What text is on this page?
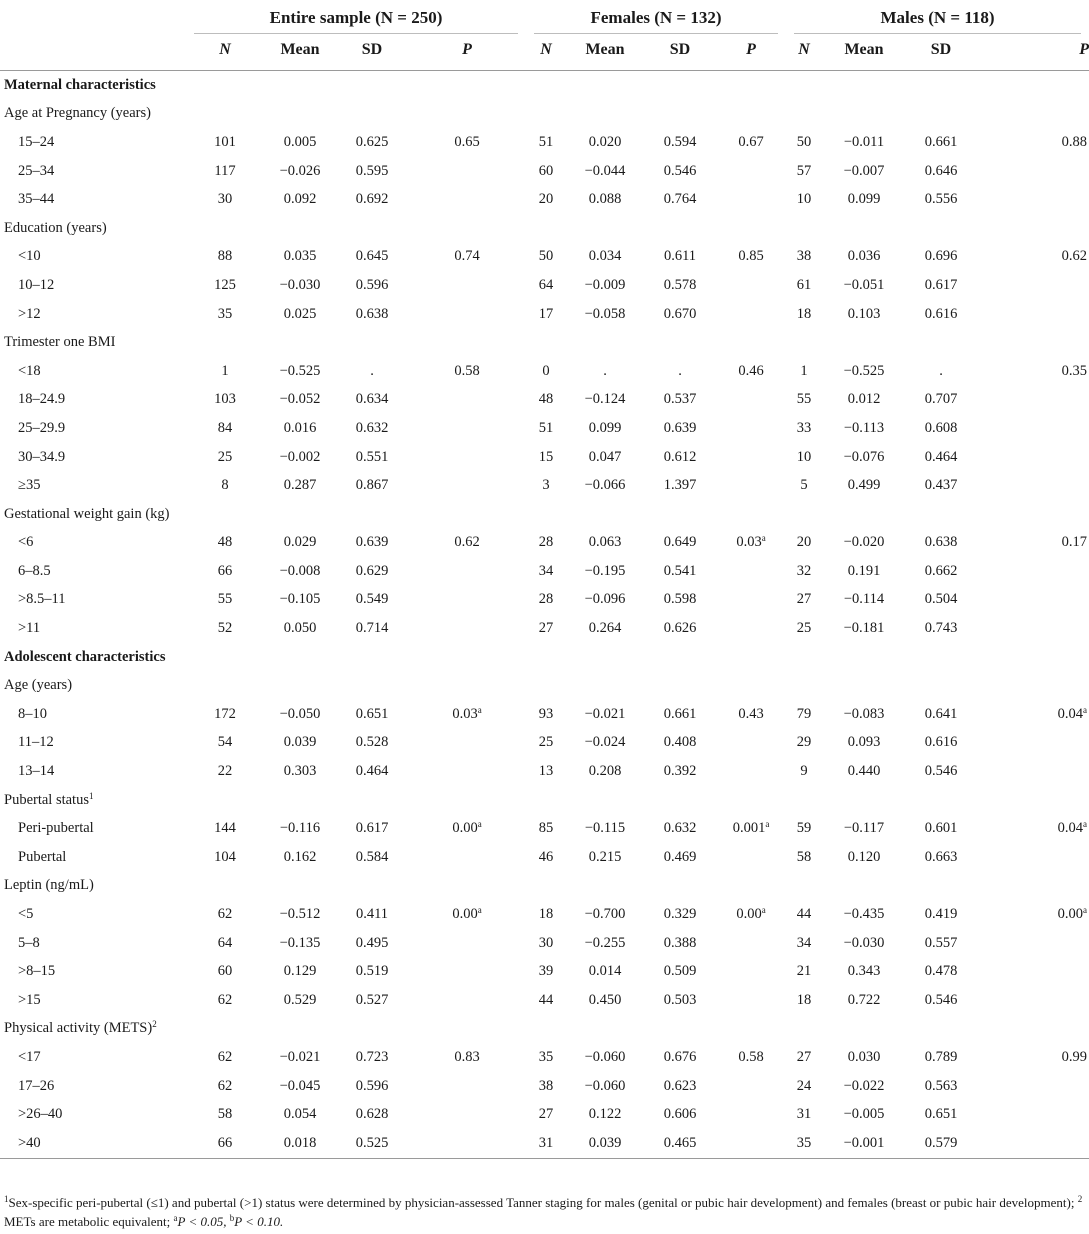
	Entire sample (N = 250)				Females (N = 132)				Males (N = 118)			

	N	Mean	SD	P	N	Mean	SD	P	N	Mean	SD	P
Maternal characteristics												
Age at Pregnancy (years)												
15–24	101	0.005	0.625	0.65	51	0.020	0.594	0.67	50	−0.011	0.661	0.88
25–34	117	−0.026	0.595		60	−0.044	0.546		57	−0.007	0.646	
35–44	30	0.092	0.692		20	0.088	0.764		10	0.099	0.556	
Education (years)												
<10	88	0.035	0.645	0.74	50	0.034	0.611	0.85	38	0.036	0.696	0.62
10–12	125	−0.030	0.596		64	−0.009	0.578		61	−0.051	0.617	
>12	35	0.025	0.638		17	−0.058	0.670		18	0.103	0.616	
Trimester one BMI												
<18	1	−0.525	.	0.58	0	.	.	0.46	1	−0.525	.	0.35
18–24.9	103	−0.052	0.634		48	−0.124	0.537		55	0.012	0.707	
25–29.9	84	0.016	0.632		51	0.099	0.639		33	−0.113	0.608	
30–34.9	25	−0.002	0.551		15	0.047	0.612		10	−0.076	0.464	
≥35	8	0.287	0.867		3	−0.066	1.397		5	0.499	0.437	
Gestational weight gain (kg)												
<6	48	0.029	0.639	0.62	28	0.063	0.649	0.03$^a$	20	−0.020	0.638	0.17
6–8.5	66	−0.008	0.629		34	−0.195	0.541		32	0.191	0.662	
>8.5–11	55	−0.105	0.549		28	−0.096	0.598		27	−0.114	0.504	
>11	52	0.050	0.714		27	0.264	0.626		25	−0.181	0.743	
Adolescent characteristics												
Age (years)												
8–10	172	−0.050	0.651	0.03$^a$	93	−0.021	0.661	0.43	79	−0.083	0.641	0.04$^a$
11–12	54	0.039	0.528		25	−0.024	0.408		29	0.093	0.616	
13–14	22	0.303	0.464		13	0.208	0.392		9	0.440	0.546	
Pubertal status$^1$
Peri-pubertal	144	−0.116	0.617	0.00$^a$	85	−0.115	0.632	0.001$^a$	59	−0.117	0.601	0.04$^a$
Pubertal	104	0.162	0.584		46	0.215	0.469		58	0.120	0.663	
Leptin (ng/mL)												
<5	62	−0.512	0.411	0.00$^a$	18	−0.700	0.329	0.00$^a$	44	−0.435	0.419	0.00$^a$
5–8	64	−0.135	0.495		30	−0.255	0.388		34	−0.030	0.557	
>8–15	60	0.129	0.519		39	0.014	0.509		21	0.343	0.478	
>15	62	0.529	0.527		44	0.450	0.503		18	0.722	0.546	
Physical activity (METS)$^2$
<17	62	−0.021	0.723	0.83	35	−0.060	0.676	0.58	27	0.030	0.789	0.99
17–26	62	−0.045	0.596		38	−0.060	0.623		24	−0.022	0.563	
>26–40	58	0.054	0.628		27	0.122	0.606		31	−0.005	0.651	
>40	66	0.018	0.525		31	0.039	0.465		35	−0.001	0.579	
$^1$Sex-specific peri-pubertal (≤1) and pubertal (>1) status were determined by physician-assessed Tanner staging for males (genital or pubic hair development) and females (breast or pubic hair development); $^2$ METs are metabolic equivalent; $^a$P < 0.05, $^b$P < 0.10.
